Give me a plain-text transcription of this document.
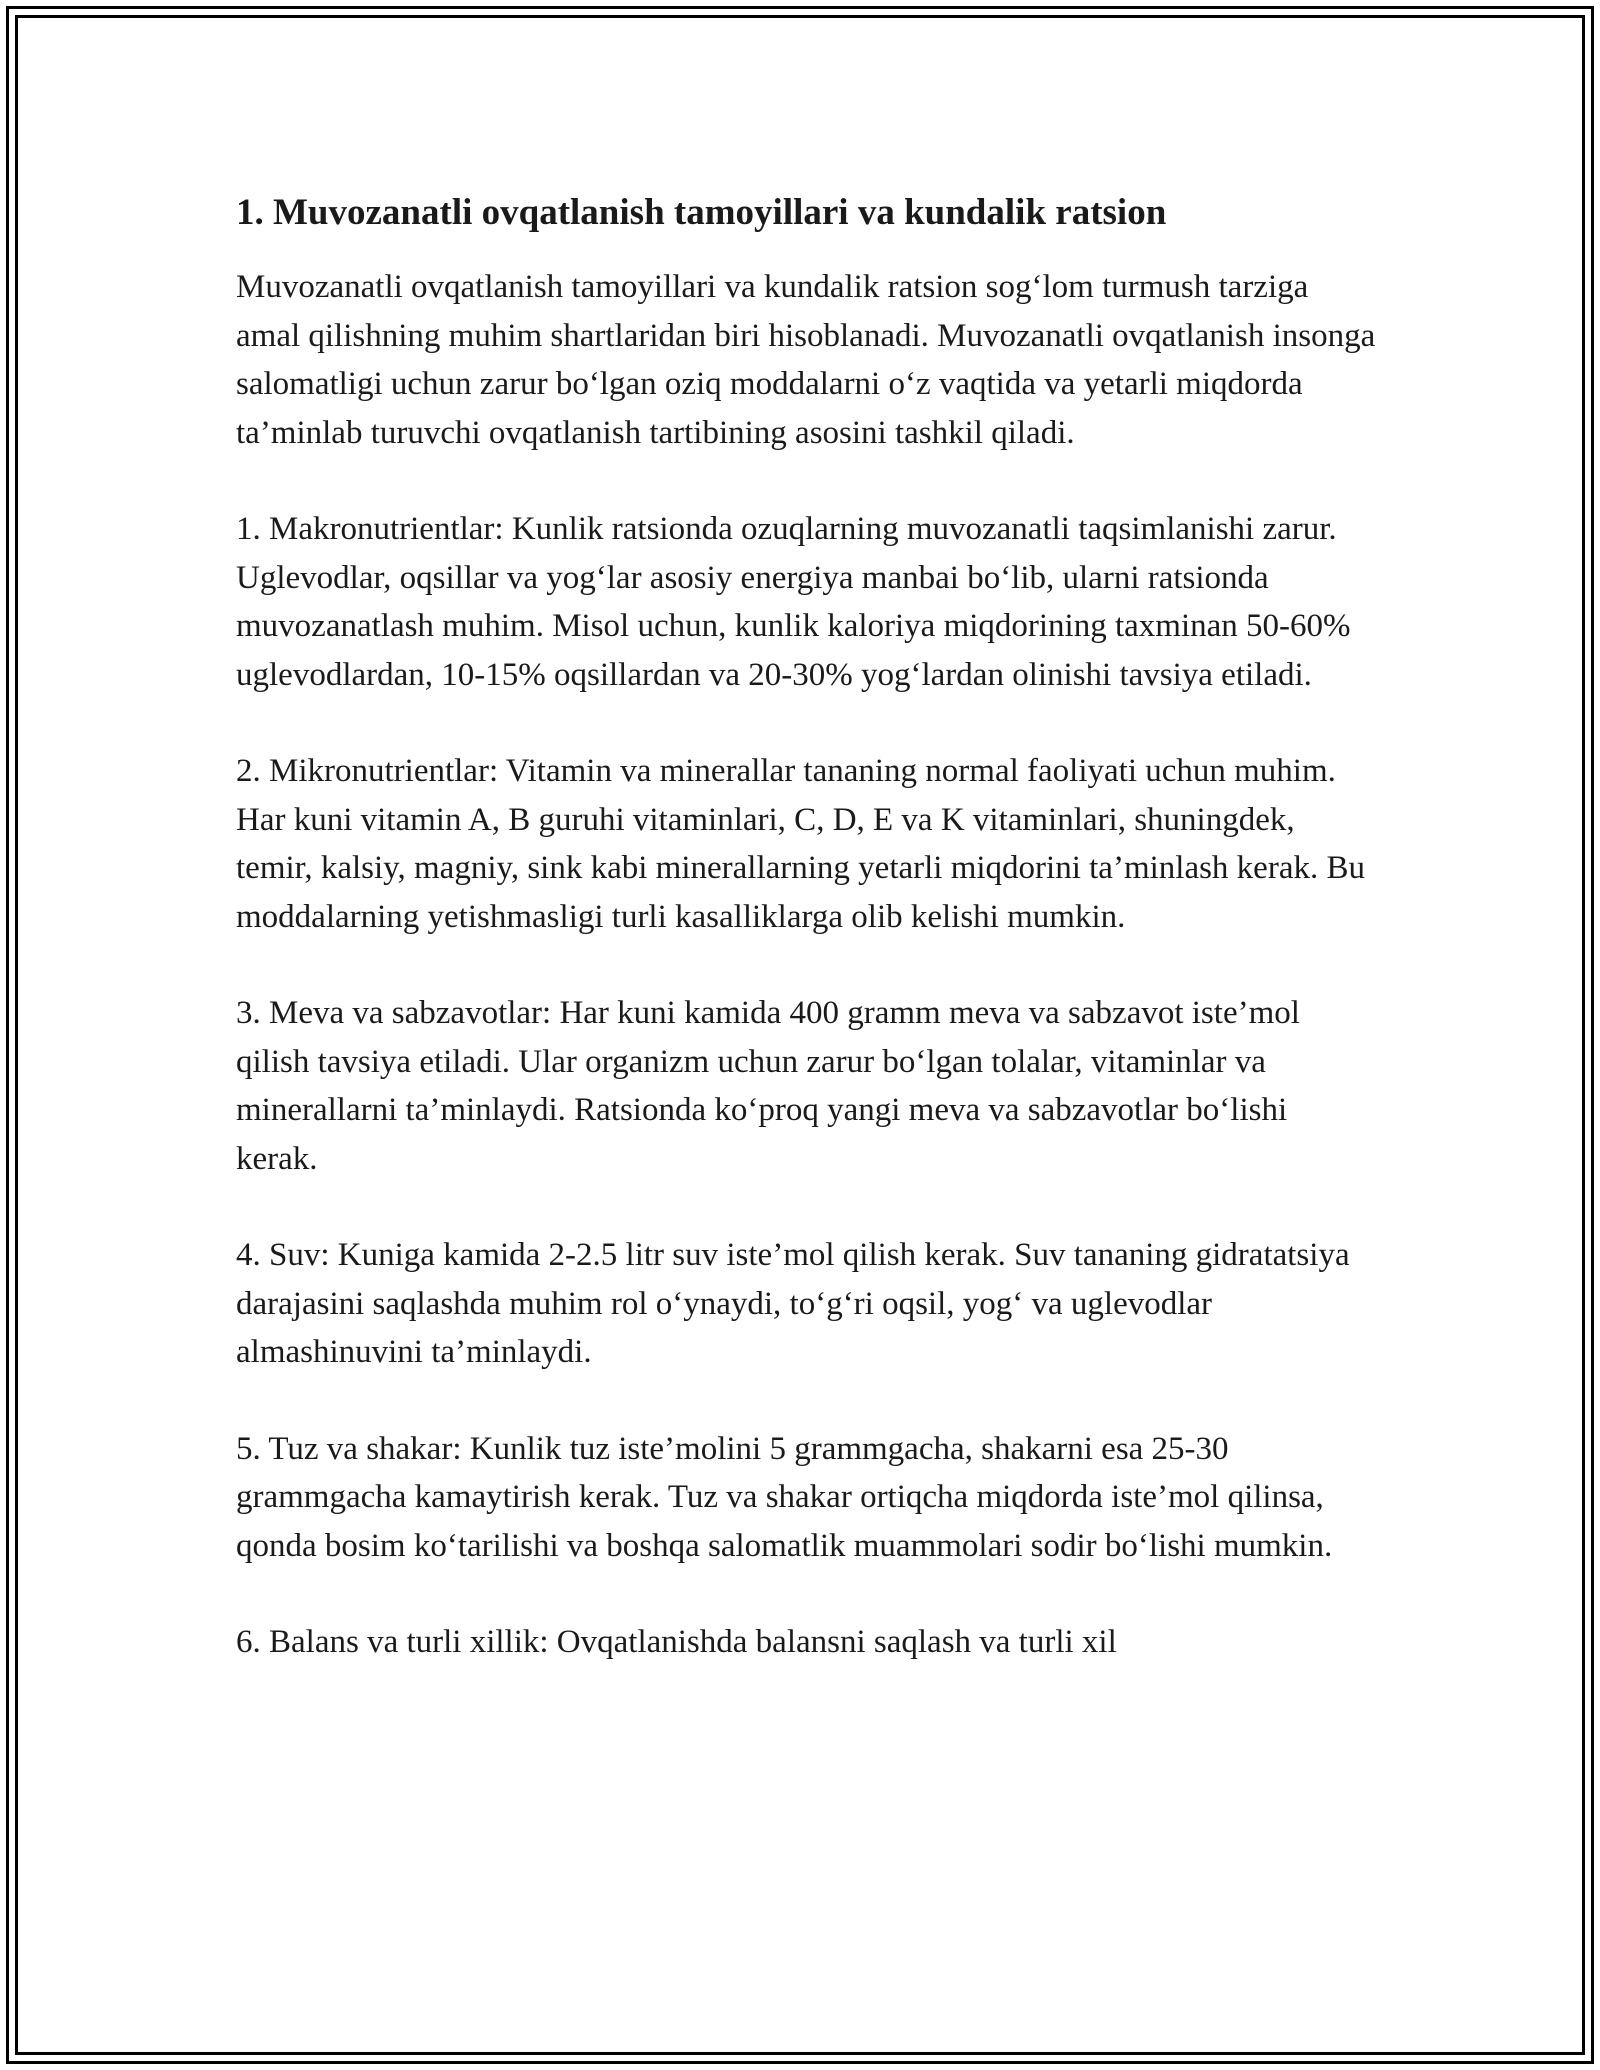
1. Muvozanatli ovqatlanish tamoyillari va kundalik ratsion

Muvozanatli ovqatlanish tamoyillari va kundalik ratsion sog‘lom turmush tarziga amal qilishning muhim shartlaridan biri hisoblanadi. Muvozanatli ovqatlanish insonga salomatligi uchun zarur bo‘lgan oziq moddalarni o‘z vaqtida va yetarli miqdorda ta’minlab turuvchi ovqatlanish tartibining asosini tashkil qiladi.

1. Makronutrientlar: Kunlik ratsionda ozuqlarning muvozanatli taqsimlanishi zarur. Uglevodlar, oqsillar va yog‘lar asosiy energiya manbai bo‘lib, ularni ratsionda muvozanatlash muhim. Misol uchun, kunlik kaloriya miqdorining taxminan 50-60% uglevodlardan, 10-15% oqsillardan va 20-30% yog‘lardan olinishi tavsiya etiladi.

2. Mikronutrientlar: Vitamin va minerallar tananing normal faoliyati uchun muhim. Har kuni vitamin A, B guruhi vitaminlari, C, D, E va K vitaminlari, shuningdek, temir, kalsiy, magniy, sink kabi minerallarning yetarli miqdorini ta’minlash kerak. Bu moddalarning yetishmasligi turli kasalliklarga olib kelishi mumkin.

3. Meva va sabzavotlar: Har kuni kamida 400 gramm meva va sabzavot iste’mol qilish tavsiya etiladi. Ular organizm uchun zarur bo‘lgan tolalar, vitaminlar va minerallarni ta’minlaydi. Ratsionda ko‘proq yangi meva va sabzavotlar bo‘lishi kerak.

4. Suv: Kuniga kamida 2-2.5 litr suv iste’mol qilish kerak. Suv tananing gidratatsiya darajasini saqlashda muhim rol o‘ynaydi, to‘g‘ri oqsil, yog‘ va uglevodlar almashinuvini ta’minlaydi.

5. Tuz va shakar: Kunlik tuz iste’molini 5 grammgacha, shakarni esa 25-30 grammgacha kamaytirish kerak. Tuz va shakar ortiqcha miqdorda iste’mol qilinsa, qonda bosim ko‘tarilishi va boshqa salomatlik muammolari sodir bo‘lishi mumkin.

6. Balans va turli xillik: Ovqatlanishda balansni saqlash va turli xil
